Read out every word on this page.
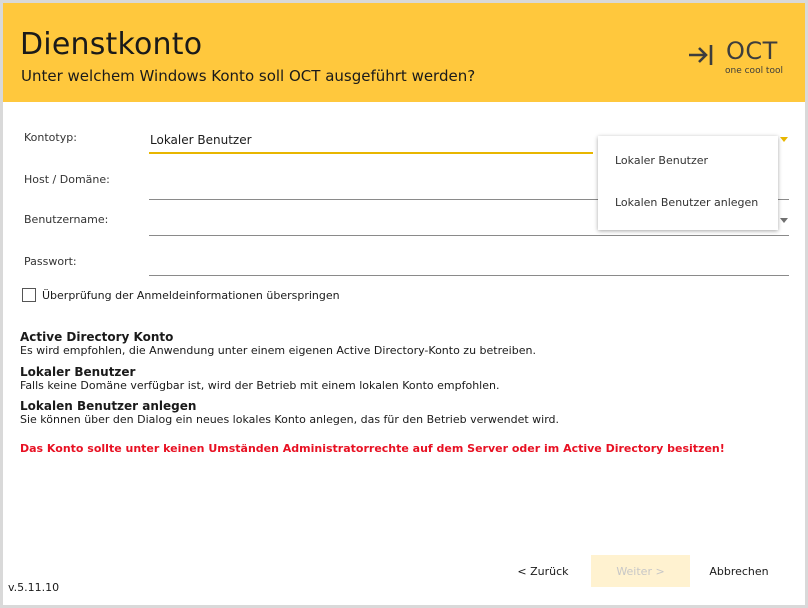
Dienstkonto
Unter welchem Windows Konto soll OCT ausgeführt werden?
OCT
one cool tool
Kontotyp:	Lokaler Benutzer
Host / Domäne:
Benutzername:
Passwort:
Lokaler Benutzer
Lokalen Benutzer anlegen
Überprüfung der Anmeldeinformationen überspringen
Active Directory Konto
Es wird empfohlen, die Anwendung unter einem eigenen Active Directory-Konto zu betreiben.
Lokaler Benutzer
Falls keine Domäne verfügbar ist, wird der Betrieb mit einem lokalen Konto empfohlen.
Lokalen Benutzer anlegen
Sie können über den Dialog ein neues lokales Konto anlegen, das für den Betrieb verwendet wird.
Das Konto sollte unter keinen Umständen Administratorrechte auf dem Server oder im Active Directory besitzen!
< Zurück	Weiter >	Abbrechen
v.5.11.10
